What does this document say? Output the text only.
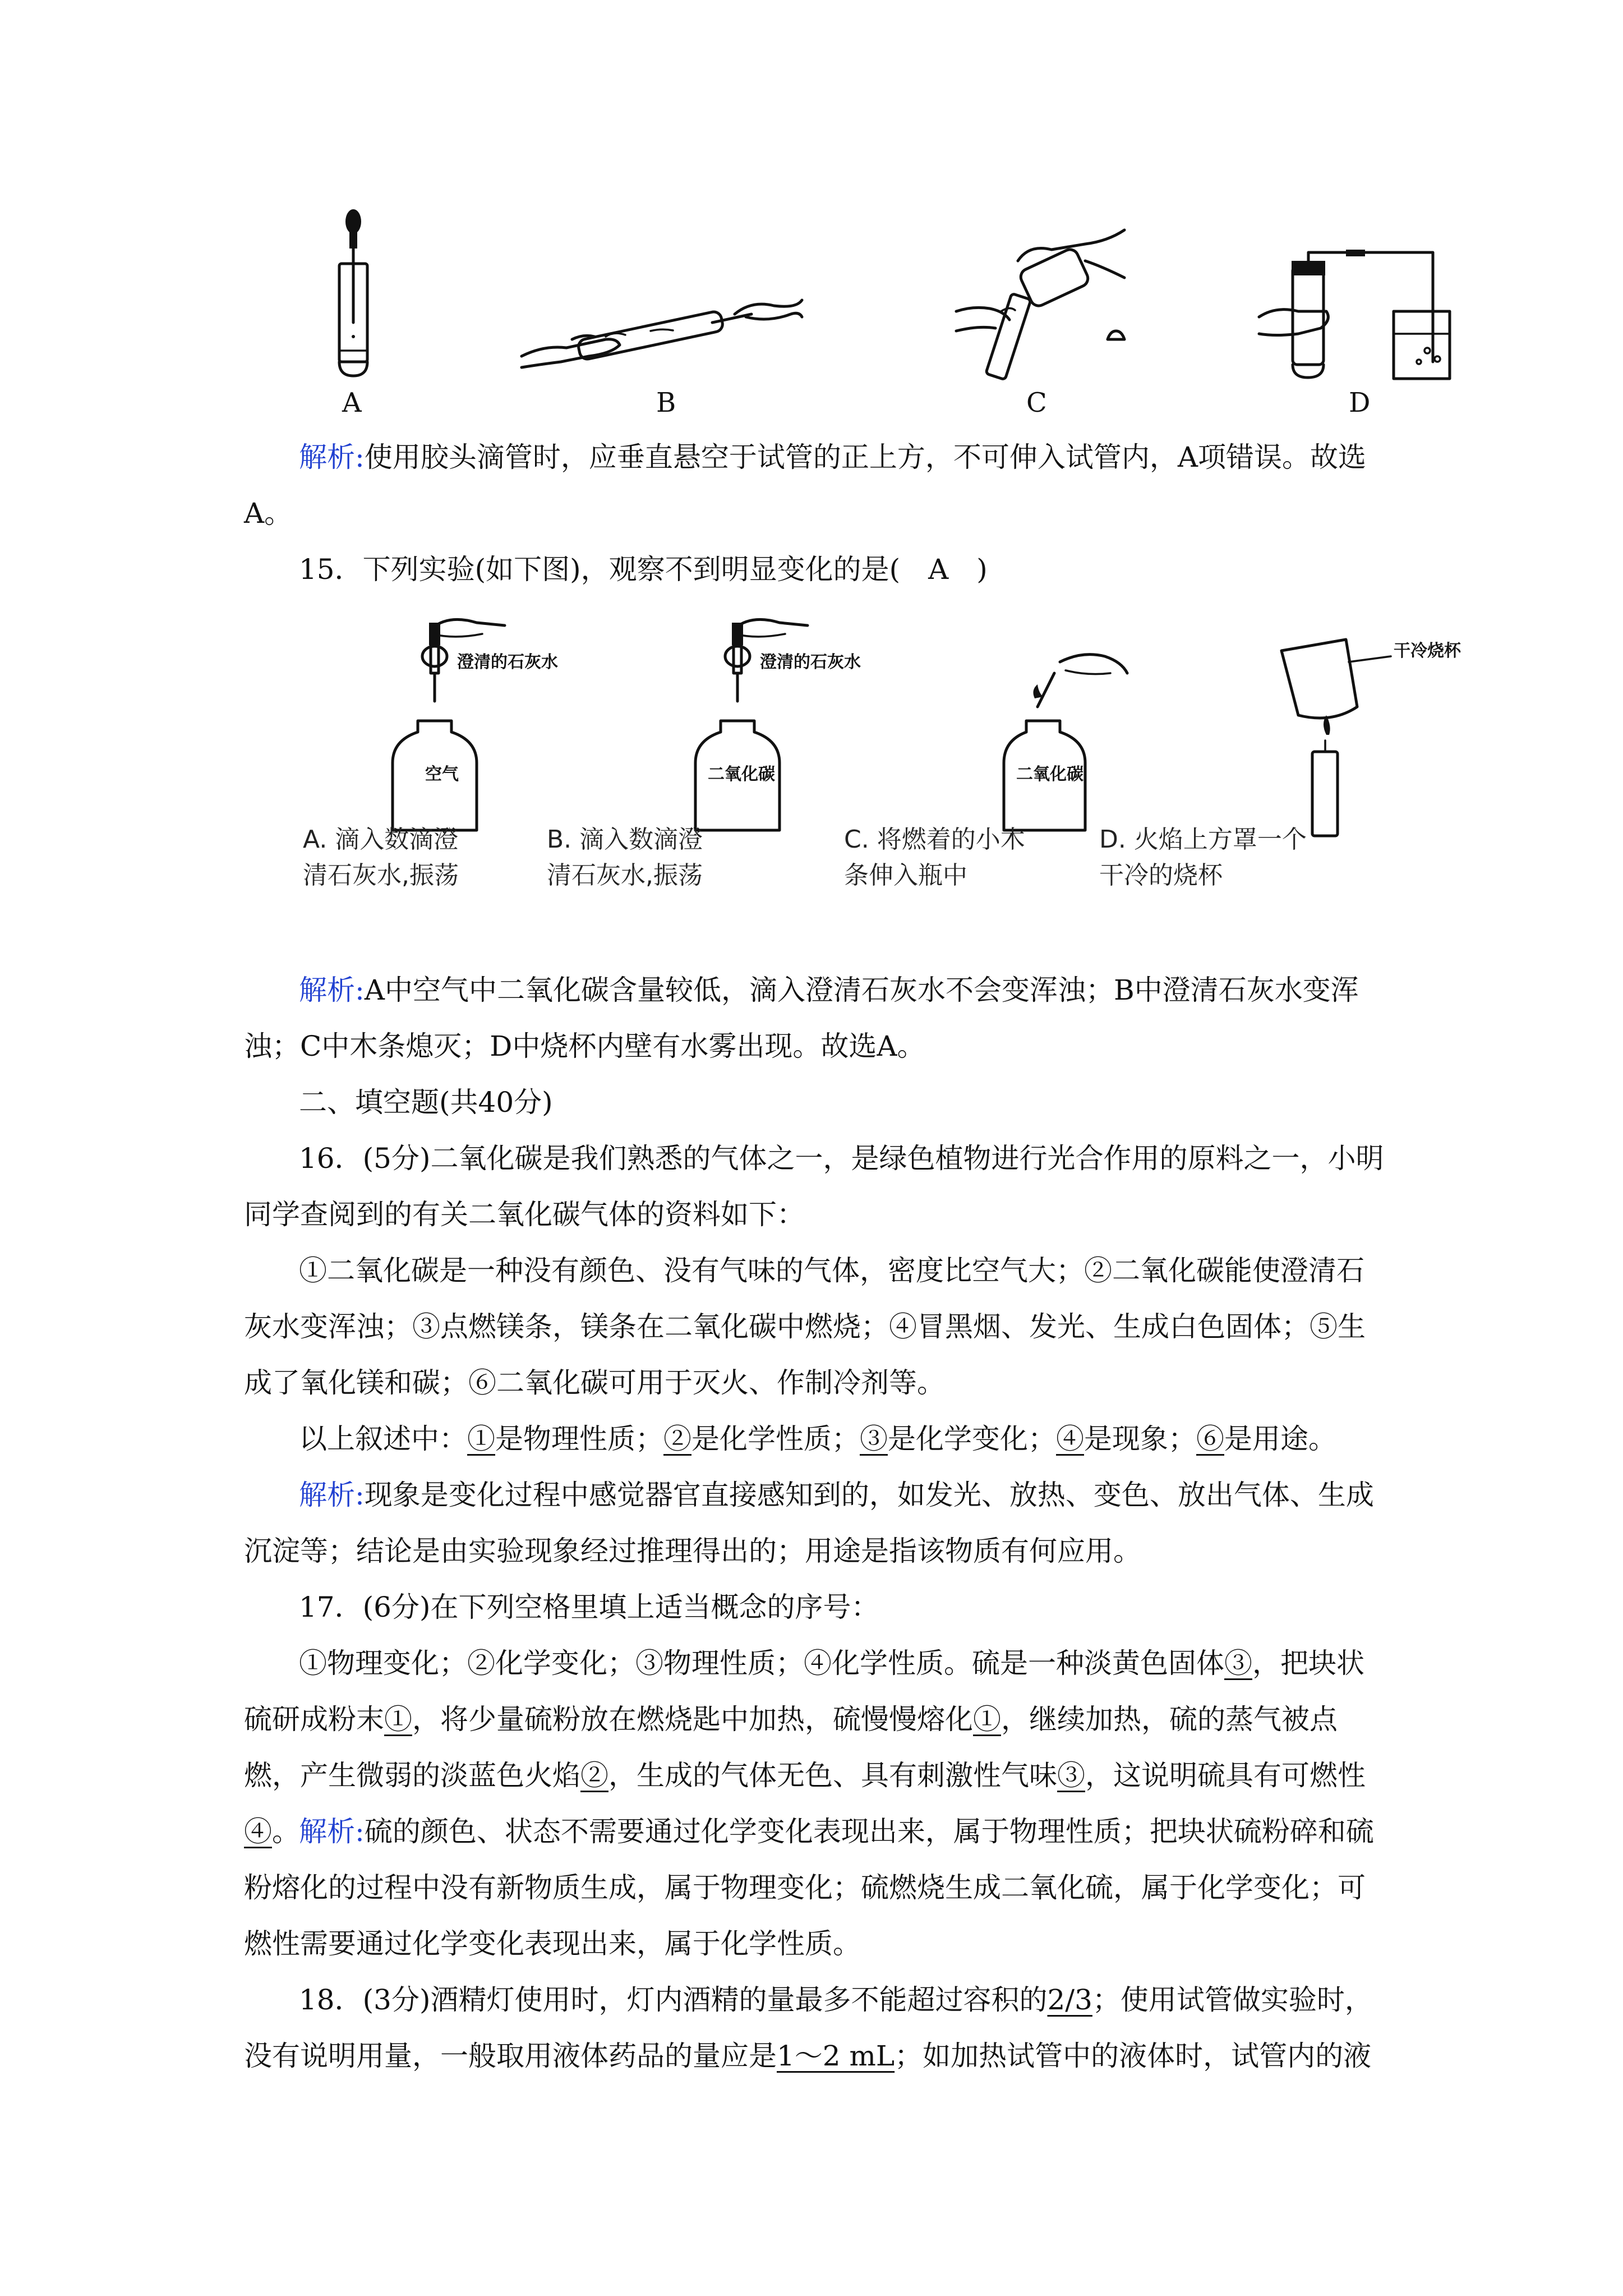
A	B	C	D

解析:使用胶头滴管时，应垂直悬空于试管的正上方，不可伸入试管内，A项错误。故选A。

15．下列实验(如下图)，观察不到明显变化的是(　A　)

澄清的石灰水
空气
澄清的石灰水
二氧化碳	二氧化碳
干冷烧杯
A. 滴入数滴澄清石灰水,振荡
B. 滴入数滴澄清石灰水,振荡
C. 将燃着的小木条伸入瓶中
D. 火焰上方罩一个干冷的烧杯

解析:A中空气中二氧化碳含量较低，滴入澄清石灰水不会变浑浊；B中澄清石灰水变浑浊；C中木条熄灭；D中烧杯内壁有水雾出现。故选A。

二、填空题(共40分)

16．(5分)二氧化碳是我们熟悉的气体之一，是绿色植物进行光合作用的原料之一，小明同学查阅到的有关二氧化碳气体的资料如下：

①二氧化碳是一种没有颜色、没有气味的气体，密度比空气大；②二氧化碳能使澄清石灰水变浑浊；③点燃镁条，镁条在二氧化碳中燃烧；④冒黑烟、发光、生成白色固体；⑤生成了氧化镁和碳；⑥二氧化碳可用于灭火、作制冷剂等。

以上叙述中：①是物理性质；②是化学性质；③是化学变化；④是现象；⑥是用途。

解析:现象是变化过程中感觉器官直接感知到的，如发光、放热、变色、放出气体、生成沉淀等；结论是由实验现象经过推理得出的；用途是指该物质有何应用。

17．(6分)在下列空格里填上适当概念的序号：

①物理变化；②化学变化；③物理性质；④化学性质。硫是一种淡黄色固体③，把块状硫研成粉末①，将少量硫粉放在燃烧匙中加热，硫慢慢熔化①，继续加热，硫的蒸气被点燃，产生微弱的淡蓝色火焰②，生成的气体无色、具有刺激性气味③，这说明硫具有可燃性④。

解析:硫的颜色、状态不需要通过化学变化表现出来，属于物理性质；把块状硫粉碎和硫粉熔化的过程中没有新物质生成，属于物理变化；硫燃烧生成二氧化硫，属于化学变化；可燃性需要通过化学变化表现出来，属于化学性质。

18．(3分)酒精灯使用时，灯内酒精的量最多不能超过容积的2/3；使用试管做实验时，没有说明用量，一般取用液体药品的量应是1～2 mL；如加热试管中的液体时，试管内的液
